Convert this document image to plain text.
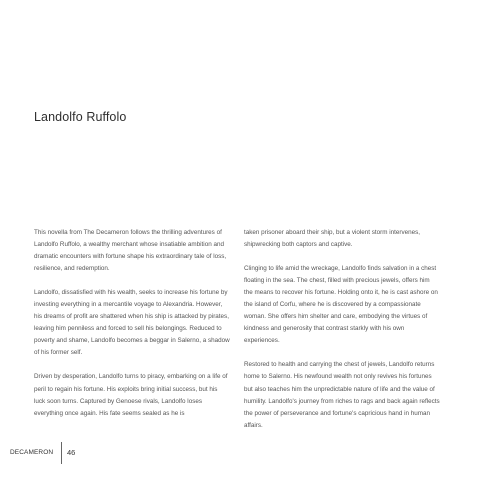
Landolfo Ruffolo

This novella from The Decameron follows the thrilling adventures of Landolfo Ruffolo, a wealthy merchant whose insatiable ambition and dramatic encounters with fortune shape his extraordinary tale of loss, resilience, and redemption.

Landolfo, dissatisfied with his wealth, seeks to increase his fortune by investing everything in a mercantile voyage to Alexandria. However, his dreams of profit are shattered when his ship is attacked by pirates, leaving him penniless and forced to sell his belongings. Reduced to poverty and shame, Landolfo becomes a beggar in Salerno, a shadow of his former self.

Driven by desperation, Landolfo turns to piracy, embarking on a life of peril to regain his fortune. His exploits bring initial success, but his luck soon turns. Captured by Genoese rivals, Landolfo loses everything once again. His fate seems sealed as he is

taken prisoner aboard their ship, but a violent storm intervenes, shipwrecking both captors and captive.

Clinging to life amid the wreckage, Landolfo finds salvation in a chest floating in the sea. The chest, filled with precious jewels, offers him the means to recover his fortune. Holding onto it, he is cast ashore on the island of Corfu, where he is discovered by a compassionate woman. She offers him shelter and care, embodying the virtues of kindness and generosity that contrast starkly with his own experiences.

Restored to health and carrying the chest of jewels, Landolfo returns home to Salerno. His newfound wealth not only revives his fortunes but also teaches him the unpredictable nature of life and the value of humility. Landolfo's journey from riches to rags and back again reflects the power of perseverance and fortune's capricious hand in human affairs.

DECAMERON 46
